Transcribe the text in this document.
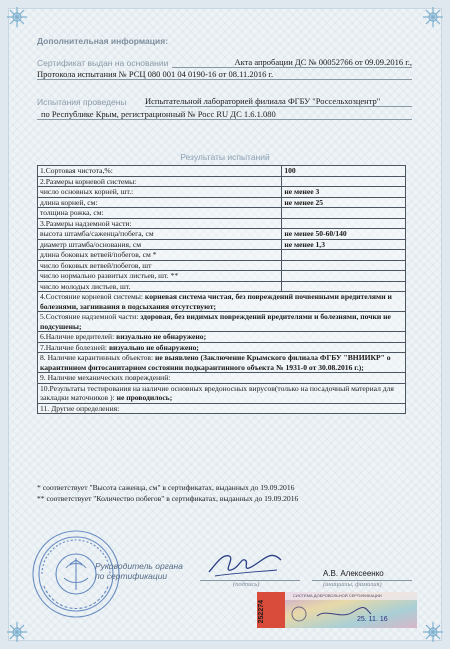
Дополнительная информация:
Сертификат выдан на основании	Акта апробации ДС № 00052766 от 09.09.2016 г.,
Протокола испытания № РСЦ 080 001 04 0190-16 от 08.11.2016 г.
Испытания проведены Испытательной лабораторией филиала ФГБУ "Россельхозцентр"
по Республике Крым, регистрационный № Росс RU ДС 1.6.1.080
Результаты испытаний
1.Сортовая чистота,%:	100
2.Размеры корневой системы:	
число основных корней, шт.:	не менее 3
длина корней, см:	не менее 25
толщина рожка, см:	
3.Размеры надземной части:	
высота штамба/саженца/побега, см	не менее 50-60/140
диаметр штамба/основания, см	не менее 1,3
длина боковых ветвей/побегов, см *	
число боковых ветвей/побегов, шт	
число нормально развитых листьев, шт. **	
число молодых листьев, шт.	
4.Состояние корневой системы: корневая система чистая, без повреждений почвенными вредителями и болезнями, загнивания в подсыхания отсутствуют;	
5.Состояние надземной части: здоровая, без видимых повреждений вредителями и болезнями, почки не подсушены;	
6.Наличие вредителей: визуально не обнаружено;	
7.Наличие болезней: визуально не обнаружено;	
8. Наличие карантинных объектов: не выявлено (Заключение Крымского филиала ФГБУ "ВНИИКР" о карантинном фитосанитарном состоянии подкарантинного объекта № 1931-0 от 30.08.2016 г.);	
9. Наличие механических повреждений:	
10.Результаты тестирования на наличие основных вредоносных вирусов(только на посадочный материал для закладки маточников ): не проводилось;	
11. Другие определения:	
* соответствует "Высота саженца, см" в сертификатах, выданных до 19.09.2016
** соответствует "Количество побегов" в сертификатах, выданных до 19.09.2016
Руководитель органа
по сертификации
(подпись)
А.В. Алексеенко
(инициалы, фамилия)
252274
СИСТЕМА ДОБРОВОЛЬНОЙ СЕРТИФИКАЦИИ
25. 11. 16
